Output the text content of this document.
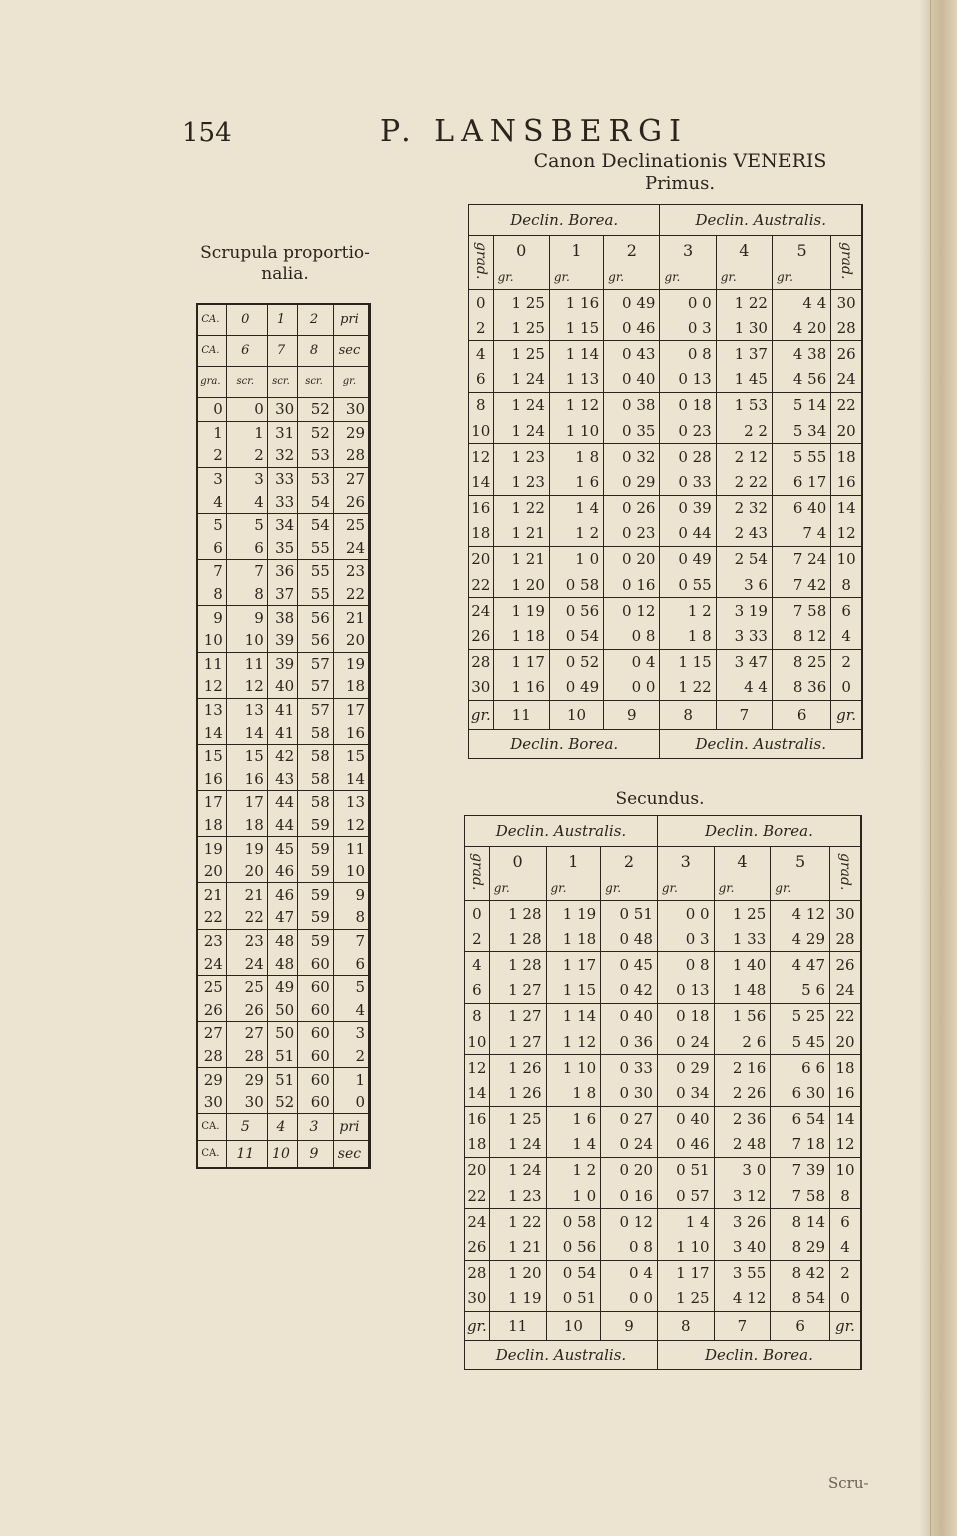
154	P. LANSBERGI
Canon Declinationis VENERIS
Primus.
Scrupula proportio-
nalia.
CA.	0	1	2	pri
CA.	6	7	8	sec
gra.	scr.	scr.	scr.	gr.
0	0	30	52	30
1	1	31	52	29
2	2	32	53	28
3	3	33	53	27
4	4	33	54	26
5	5	34	54	25
6	6	35	55	24
7	7	36	55	23
8	8	37	55	22
9	9	38	56	21
10	10	39	56	20
11	11	39	57	19
12	12	40	57	18
13	13	41	57	17
14	14	41	58	16
15	15	42	58	15
16	16	43	58	14
17	17	44	58	13
18	18	44	59	12
19	19	45	59	11
20	20	46	59	10
21	21	46	59	9
22	22	47	59	8
23	23	48	59	7
24	24	48	60	6
25	25	49	60	5
26	26	50	60	4
27	27	50	60	3
28	28	51	60	2
29	29	51	60	1
30	30	52	60	0
CA.	5	4	3	pri
CA.	11	10	9	sec
Declin. Borea.				Declin. Australis.			
grad.	0	1	2	3	4	5	grad.
	gr.	gr.	gr.	gr.	gr.	gr.	
0	1 25	1 16	0 49	0 0	1 22	4 4	30
2	1 25	1 15	0 46	0 3	1 30	4 20	28
4	1 25	1 14	0 43	0 8	1 37	4 38	26
6	1 24	1 13	0 40	0 13	1 45	4 56	24
8	1 24	1 12	0 38	0 18	1 53	5 14	22
10	1 24	1 10	0 35	0 23	2 2	5 34	20
12	1 23	1 8	0 32	0 28	2 12	5 55	18
14	1 23	1 6	0 29	0 33	2 22	6 17	16
16	1 22	1 4	0 26	0 39	2 32	6 40	14
18	1 21	1 2	0 23	0 44	2 43	7 4	12
20	1 21	1 0	0 20	0 49	2 54	7 24	10
22	1 20	0 58	0 16	0 55	3 6	7 42	8
24	1 19	0 56	0 12	1 2	3 19	7 58	6
26	1 18	0 54	0 8	1 8	3 33	8 12	4
28	1 17	0 52	0 4	1 15	3 47	8 25	2
30	1 16	0 49	0 0	1 22	4 4	8 36	0
gr.	11	10	9	8	7	6	gr.
Declin. Borea.				Declin. Australis.			
Secundus.
Declin. Australis.				Declin. Borea.			
grad.	0	1	2	3	4	5	grad.
	gr.	gr.	gr.	gr.	gr.	gr.	
0	1 28	1 19	0 51	0 0	1 25	4 12	30
2	1 28	1 18	0 48	0 3	1 33	4 29	28
4	1 28	1 17	0 45	0 8	1 40	4 47	26
6	1 27	1 15	0 42	0 13	1 48	5 6	24
8	1 27	1 14	0 40	0 18	1 56	5 25	22
10	1 27	1 12	0 36	0 24	2 6	5 45	20
12	1 26	1 10	0 33	0 29	2 16	6 6	18
14	1 26	1 8	0 30	0 34	2 26	6 30	16
16	1 25	1 6	0 27	0 40	2 36	6 54	14
18	1 24	1 4	0 24	0 46	2 48	7 18	12
20	1 24	1 2	0 20	0 51	3 0	7 39	10
22	1 23	1 0	0 16	0 57	3 12	7 58	8
24	1 22	0 58	0 12	1 4	3 26	8 14	6
26	1 21	0 56	0 8	1 10	3 40	8 29	4
28	1 20	0 54	0 4	1 17	3 55	8 42	2
30	1 19	0 51	0 0	1 25	4 12	8 54	0
gr.	11	10	9	8	7	6	gr.
Declin. Australis.				Declin. Borea.			
Scru-
